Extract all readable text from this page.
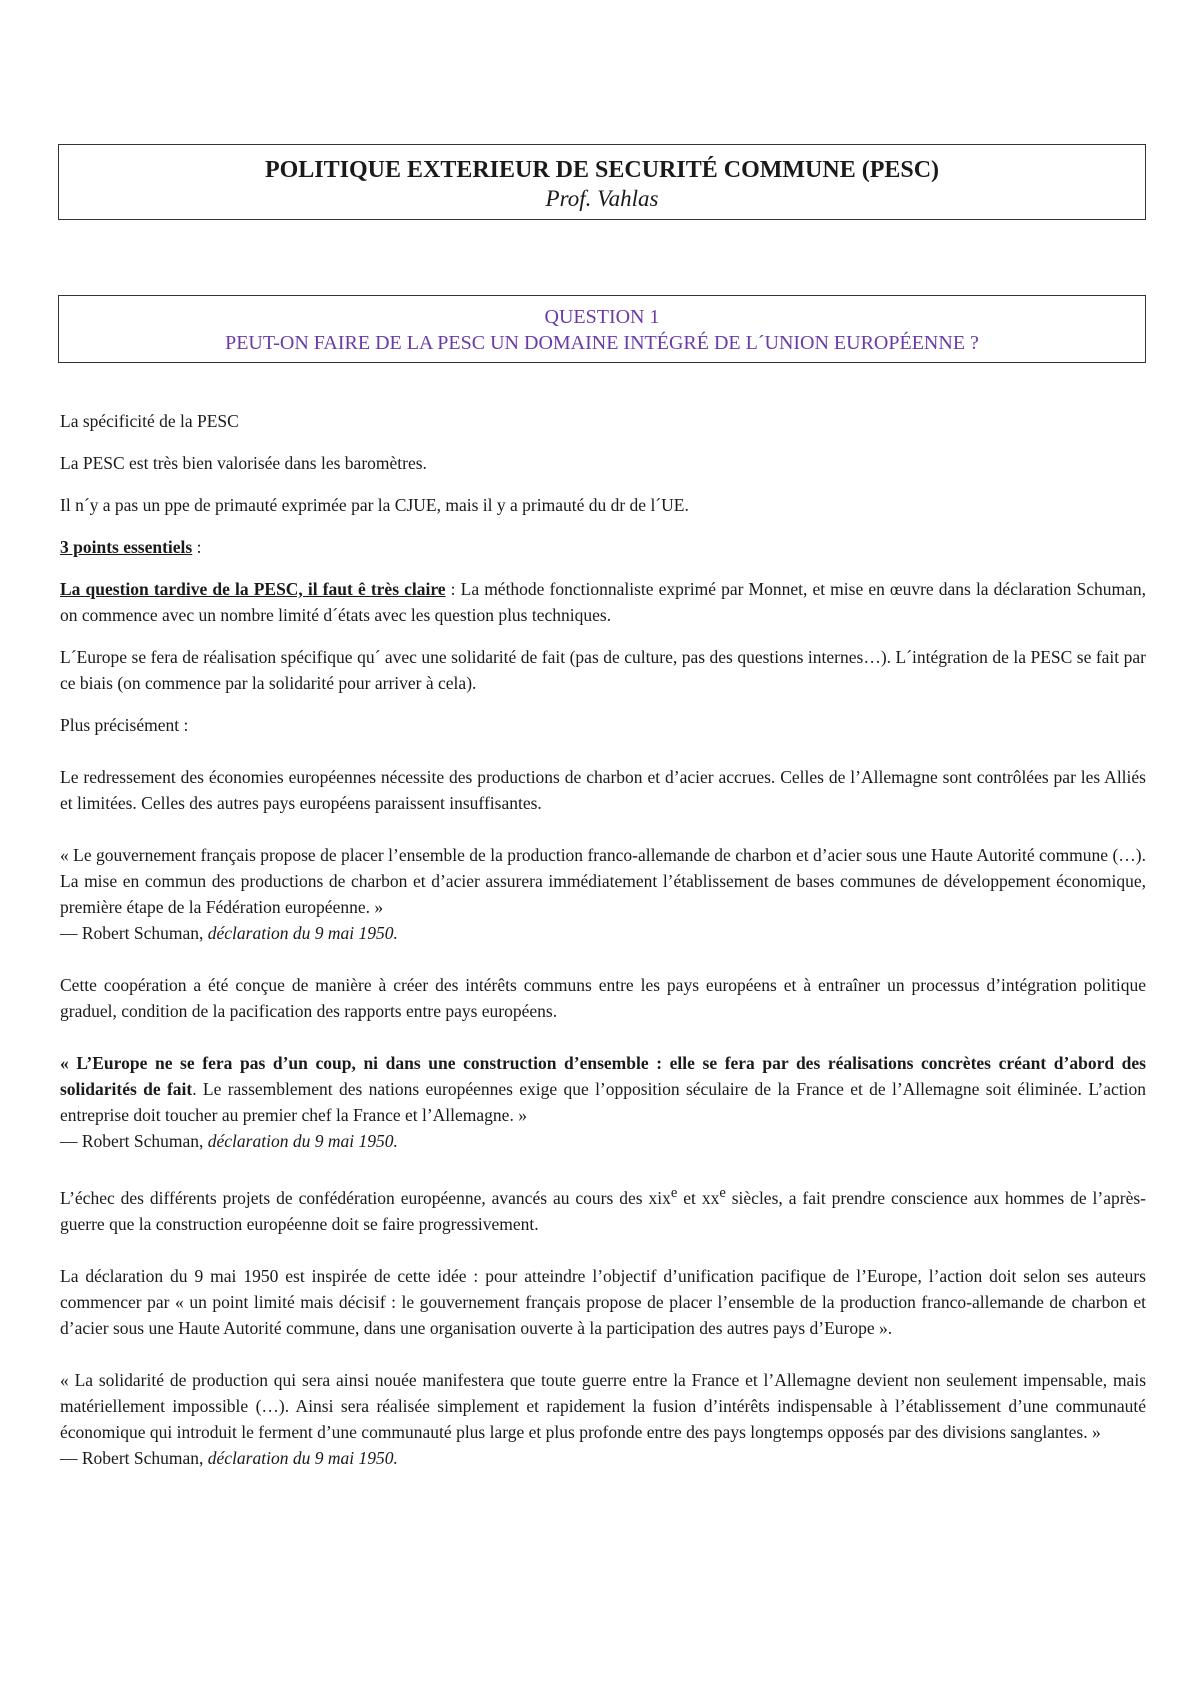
POLITIQUE EXTERIEUR DE SECURITÉ COMMUNE (PESC)
Prof. Vahlas
QUESTION 1
PEUT-ON FAIRE DE LA PESC UN DOMAINE INTÉGRÉ DE L´UNION EUROPÉENNE ?

La spécificité de la PESC

La PESC est très bien valorisée dans les baromètres.

Il n´y a pas un ppe de primauté exprimée par la CJUE, mais il y a primauté du dr de l´UE.

3 points essentiels :

La question tardive de la PESC, il faut ê très claire : La méthode fonctionnaliste exprimé par Monnet, et mise en œuvre dans la déclaration Schuman, on commence avec un nombre limité d´états avec les question plus techniques.

L´Europe se fera de réalisation spécifique qu´ avec une solidarité de fait (pas de culture, pas des questions internes…). L´intégration de la PESC se fait par ce biais (on commence par la solidarité pour arriver à cela).

Plus précisément :

Le redressement des économies européennes nécessite des productions de charbon et d’acier accrues. Celles de l’Allemagne sont contrôlées par les Alliés et limitées. Celles des autres pays européens paraissent insuffisantes.

« Le gouvernement français propose de placer l’ensemble de la production franco-allemande de charbon et d’acier sous une Haute Autorité commune (…). La mise en commun des productions de charbon et d’acier assurera immédiatement l’établissement de bases communes de développement économique, première étape de la Fédération européenne. »

— Robert Schuman, déclaration du 9 mai 1950.

Cette coopération a été conçue de manière à créer des intérêts communs entre les pays européens et à entraîner un processus d’intégration politique graduel, condition de la pacification des rapports entre pays européens.

« L’Europe ne se fera pas d’un coup, ni dans une construction d’ensemble : elle se fera par des réalisations concrètes créant d’abord des solidarités de fait. Le rassemblement des nations européennes exige que l’opposition séculaire de la France et de l’Allemagne soit éliminée. L’action entreprise doit toucher au premier chef la France et l’Allemagne. »

— Robert Schuman, déclaration du 9 mai 1950.

L’échec des différents projets de confédération européenne, avancés au cours des xix$^e$ et $xx^e$ siècles, a fait prendre conscience aux hommes de l’après-guerre que la construction européenne doit se faire progressivement.

La déclaration du 9 mai 1950 est inspirée de cette idée : pour atteindre l’objectif d’unification pacifique de l’Europe, l’action doit selon ses auteurs commencer par « un point limité mais décisif : le gouvernement français propose de placer l’ensemble de la production franco-allemande de charbon et d’acier sous une Haute Autorité commune, dans une organisation ouverte à la participation des autres pays d’Europe ».

« La solidarité de production qui sera ainsi nouée manifestera que toute guerre entre la France et l’Allemagne devient non seulement impensable, mais matériellement impossible (…). Ainsi sera réalisée simplement et rapidement la fusion d’intérêts indispensable à l’établissement d’une communauté économique qui introduit le ferment d’une communauté plus large et plus profonde entre des pays longtemps opposés par des divisions sanglantes. »

— Robert Schuman, déclaration du 9 mai 1950.
